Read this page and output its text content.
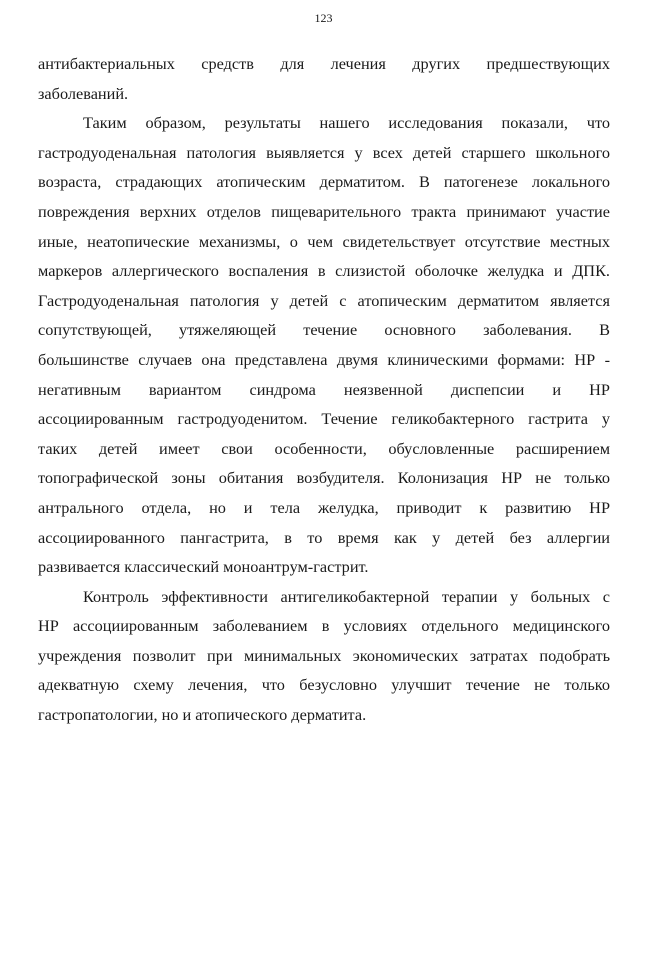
123
антибактериальных средств для лечения других предшествующих
заболеваний.
Таким образом, результаты нашего исследования показали, что
гастродуоденальная патология выявляется у всех детей старшего школьного
возраста, страдающих атопическим дерматитом. В патогенезе локального
повреждения верхних отделов пищеварительного тракта принимают участие
иные, неатопические механизмы, о чем свидетельствует отсутствие местных
маркеров аллергического воспаления в слизистой оболочке желудка и ДПК.
Гастродуоденальная патология у детей с атопическим дерматитом является
сопутствующей, утяжеляющей течение основного заболевания. В
большинстве случаев она представлена двумя клиническими формами: НР -
негативным вариантом синдрома неязвенной диспепсии и НР
ассоциированным гастродуоденитом. Течение геликобактерного гастрита у
таких детей имеет свои особенности, обусловленные расширением
топографической зоны обитания возбудителя. Колонизация НР не только
антрального отдела, но и тела желудка, приводит к развитию НР
ассоциированного пангастрита, в то время как у детей без аллергии
развивается классический моноантрум-гастрит.
Контроль эффективности антигеликобактерной терапии у больных с
НР ассоциированным заболеванием в условиях отдельного медицинского
учреждения позволит при минимальных экономических затратах подобрать
адекватную схему лечения, что безусловно улучшит течение не только
гастропатологии, но и атопического дерматита.
